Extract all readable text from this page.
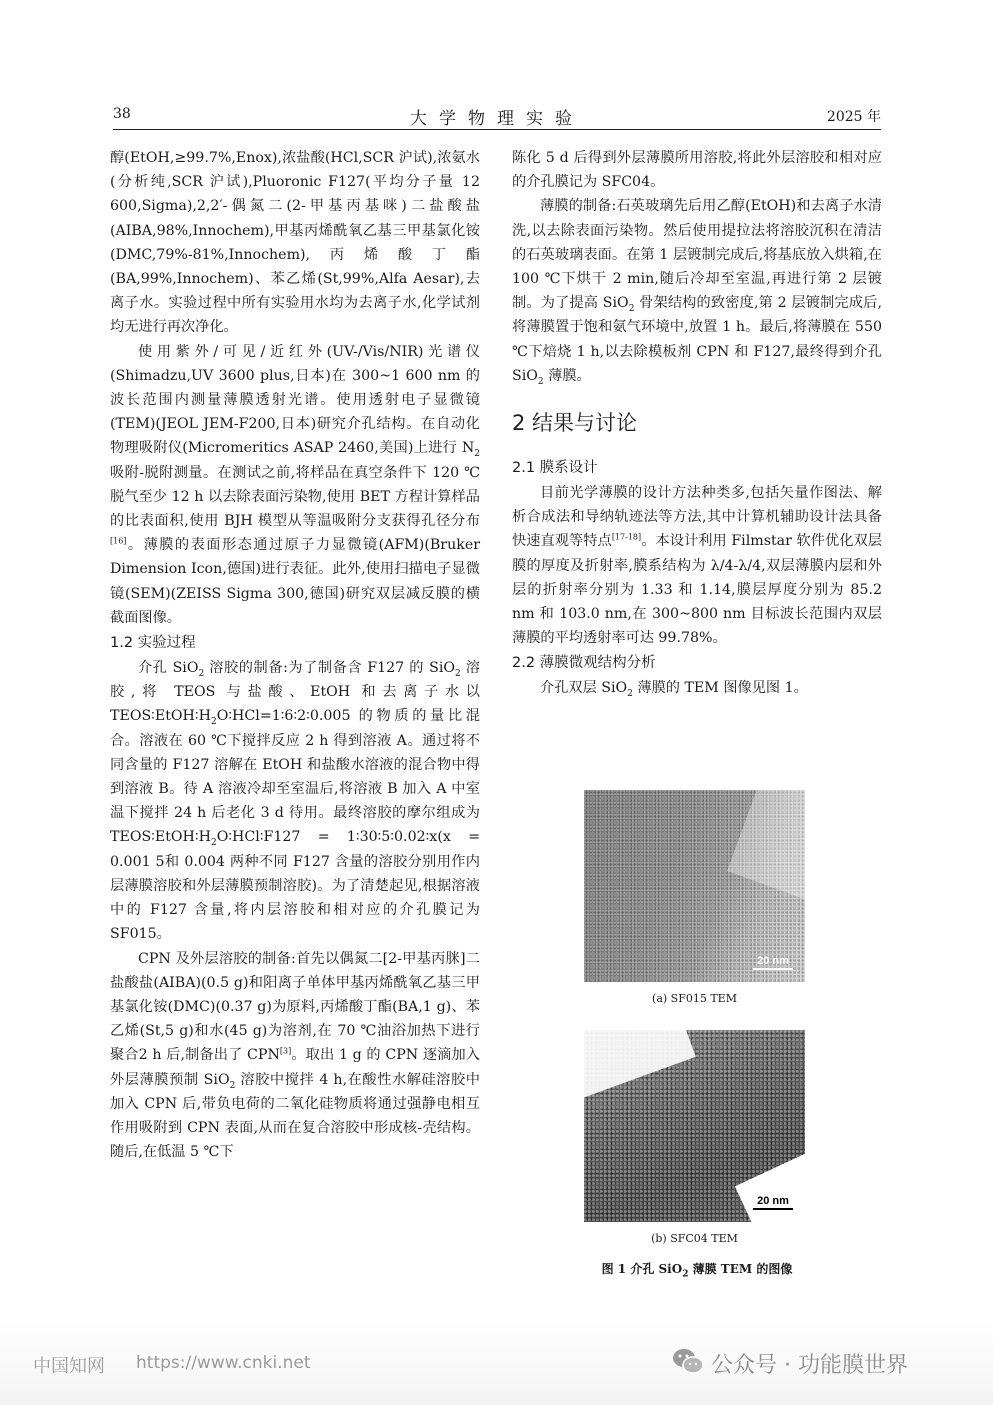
38	大学物理实验	2025 年

醇(EtOH,≥99.7%,Enox),浓盐酸(HCl,SCR 沪试),浓氨水(分析纯,SCR 沪试),Pluoronic F127(平均分子量 12 600,Sigma),2,2′-偶氮二(2-甲基丙基咪)二盐酸盐(AIBA,98%,Innochem),甲基丙烯酰氧乙基三甲基氯化铵(DMC,79%-81%,Innochem),丙烯酸丁酯(BA,99%,Innochem)、苯乙烯(St,99%,Alfa Aesar),去离子水。实验过程中所有实验用水均为去离子水,化学试剂均无进行再次净化。

使用紫外/可见/近红外(UV-/Vis/NIR)光谱仪(Shimadzu,UV 3600 plus,日本)在 300~1 600 nm 的波长范围内测量薄膜透射光谱。使用透射电子显微镜(TEM)(JEOL JEM-F200,日本)研究介孔结构。在自动化物理吸附仪(Micromeritics ASAP 2460,美国)上进行 $N_2$ 吸附-脱附测量。在测试之前,将样品在真空条件下 120 ℃脱气至少 12 h 以去除表面污染物,使用 BET 方程计算样品的比表面积,使用 BJH 模型从等温吸附分支获得孔径分布[16]。薄膜的表面形态通过原子力显微镜(AFM)(Bruker Dimension Icon,德国)进行表征。此外,使用扫描电子显微镜(SEM)(ZEISS Sigma 300,德国)研究双层减反膜的横截面图像。

1.2 实验过程

介孔 SiO$_2$ 溶胶的制备:为了制备含 F127 的 SiO$_2$ 溶胶,将 TEOS 与盐酸、EtOH 和去离子水以 $TEOS∶EtOH∶H_2O∶HCl=1∶6∶2∶0.005$ 的物质的量比混合。溶液在 60 ℃下搅拌反应 2 h 得到溶液 A。通过将不同含量的 F127 溶解在 EtOH 和盐酸水溶液的混合物中得到溶液 B。待 A 溶液冷却至室温后,将溶液 B 加入 A 中室温下搅拌 24 h 后老化 3 d 待用。最终溶胶的摩尔组成为 $TEOS∶EtOH∶H_2O∶HCl∶F127$ = 1∶30∶5∶0.02∶x(x = 0.001 5和 0.004 两种不同 F127 含量的溶胶分别用作内层薄膜溶胶和外层薄膜预制溶胶)。为了清楚起见,根据溶液中的 F127 含量,将内层溶胶和相对应的介孔膜记为 SF015。

CPN 及外层溶胶的制备:首先以偶氮二[2-甲基丙脒]二盐酸盐(AIBA)(0.5 g)和阳离子单体甲基丙烯酰氧乙基三甲基氯化铵(DMC)(0.37 g)为原料,丙烯酸丁酯(BA,1 g)、苯乙烯(St,5 g)和水(45 g)为溶剂,在 70 ℃油浴加热下进行聚合2 h 后,制备出了 CPN[3]。取出 1 g 的 CPN 逐滴加入外层薄膜预制 SiO$_2$ 溶胶中搅拌 4 h,在酸性水解硅溶胶中加入 CPN 后,带负电荷的二氧化硅物质将通过强静电相互作用吸附到 CPN 表面,从而在复合溶胶中形成核-壳结构。随后,在低温 5 ℃下

陈化 5 d 后得到外层薄膜所用溶胶,将此外层溶胶和相对应的介孔膜记为 SFC04。

薄膜的制备:石英玻璃先后用乙醇(EtOH)和去离子水清洗,以去除表面污染物。然后使用提拉法将溶胶沉积在清洁的石英玻璃表面。在第 1 层镀制完成后,将基底放入烘箱,在 100 ℃下烘干 2 min,随后冷却至室温,再进行第 2 层镀制。为了提高 SiO$_2$ 骨架结构的致密度,第 2 层镀制完成后,将薄膜置于饱和氨气环境中,放置 1 h。最后,将薄膜在 550 ℃下焙烧 1 h,以去除模板剂 CPN 和 F127,最终得到介孔 SiO$_2$ 薄膜。

2 结果与讨论
2.1 膜系设计

目前光学薄膜的设计方法种类多,包括矢量作图法、解析合成法和导纳轨迹法等方法,其中计算机辅助设计法具备快速直观等特点[17-18]。本设计利用 Filmstar 软件优化双层膜的厚度及折射率,膜系结构为 λ/4-λ/4,双层薄膜内层和外层的折射率分别为 1.33 和 1.14,膜层厚度分别为 85.2 nm 和 103.0 nm,在 300~800 nm 目标波长范围内双层薄膜的平均透射率可达 99.78%。

2.2 薄膜微观结构分析

介孔双层 SiO$_2$ 薄膜的 TEM 图像见图 1。

20 nm
(a) SF015 TEM
20 nm
(b) SFC04 TEM
图 1 介孔 SiO$_2$ 薄膜 TEM 的图像
中国知网 https://www.cnki.net	公众号 · 功能膜世界
